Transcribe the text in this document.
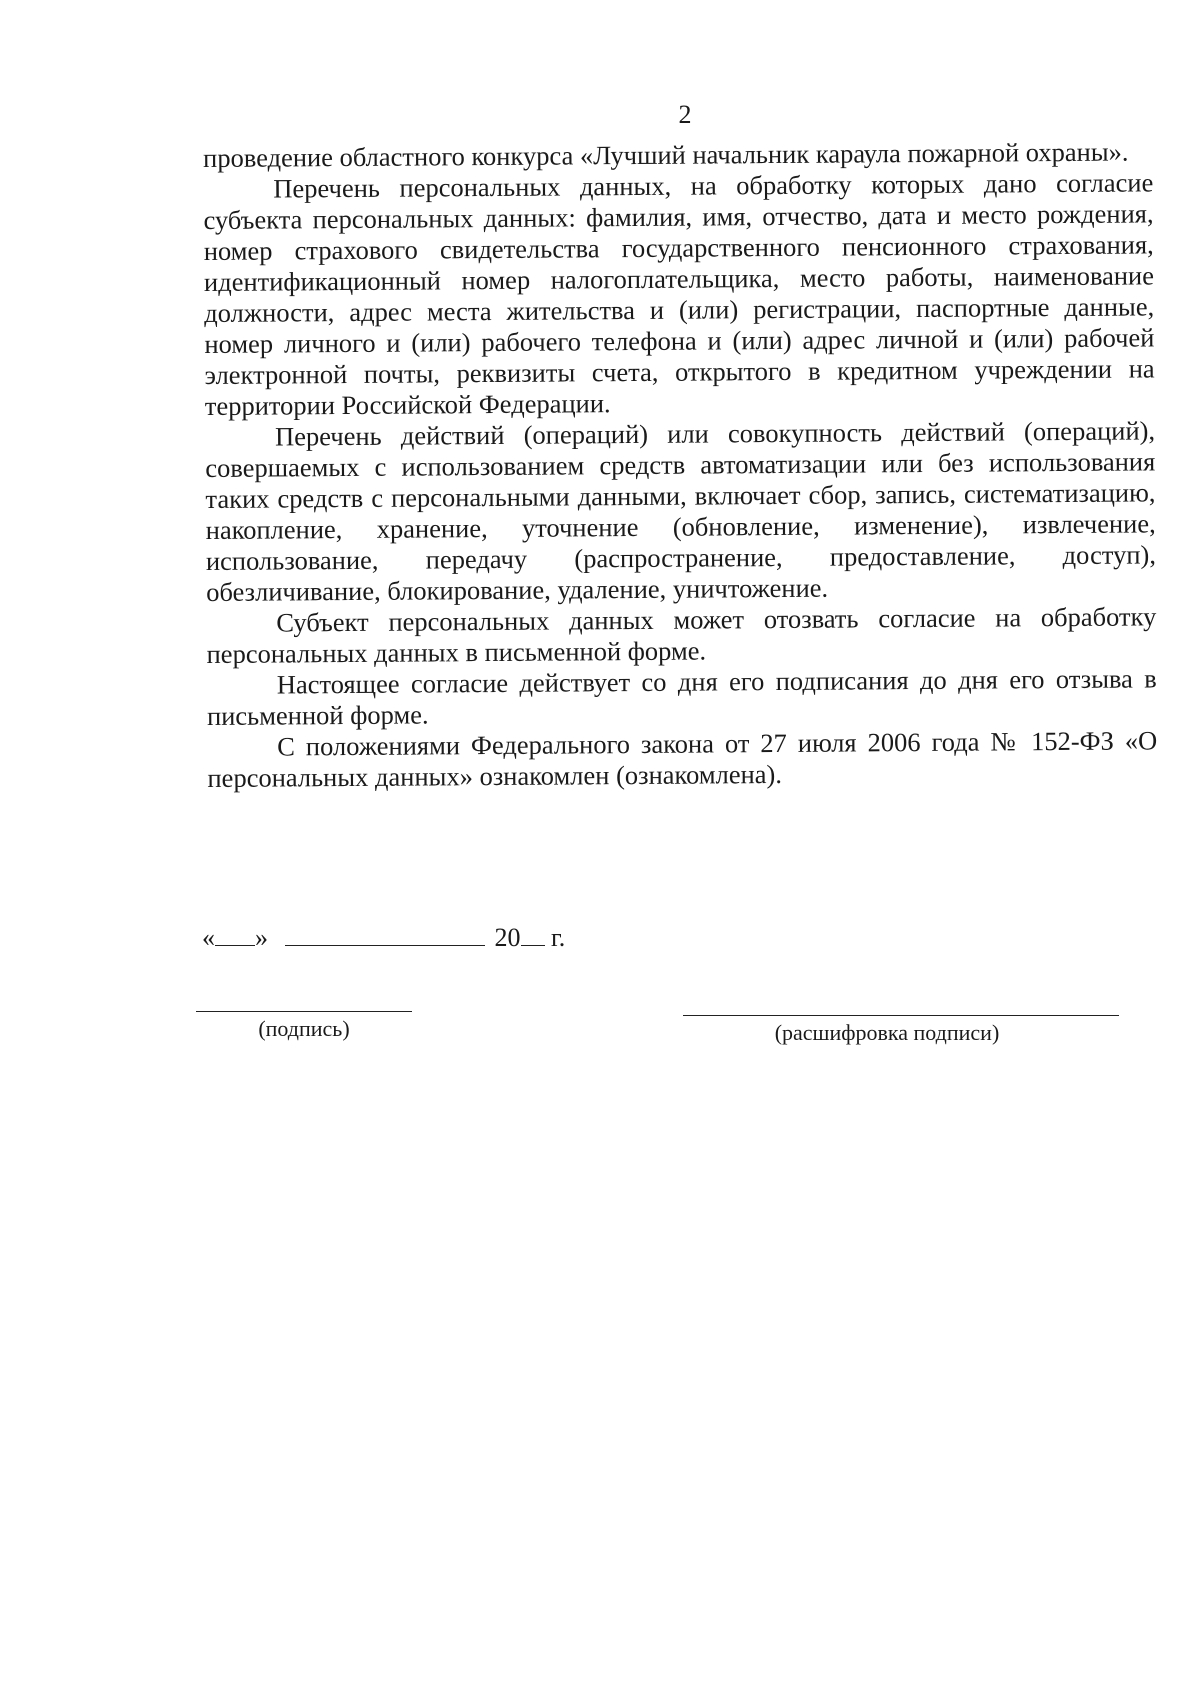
2

проведение областного конкурса «Лучший начальник караула пожарной охраны».

Перечень персональных данных, на обработку которых дано согласие субъекта персональных данных: фамилия, имя, отчество, дата и место рождения, номер страхового свидетельства государственного пенсионного страхования, идентификационный номер налогоплательщика, место работы, наименование должности, адрес места жительства и (или) регистрации, паспортные данные, номер личного и (или) рабочего телефона и (или) адрес личной и (или) рабочей электронной почты, реквизиты счета, открытого в кредитном учреждении на территории Российской Федерации.

Перечень действий (операций) или совокупность действий (операций), совершаемых с использованием средств автоматизации или без использования таких средств с персональными данными, включает сбор, запись, систематизацию, накопление, хранение, уточнение (обновление, изменение), извлечение, использование, передачу (распространение, предоставление, доступ), обезличивание, блокирование, удаление, уничтожение.

Субъект персональных данных может отозвать согласие на обработку персональных данных в письменной форме.

Настоящее согласие действует со дня его подписания до дня его отзыва в письменной форме.

С положениями Федерального закона от 27 июля 2006 года № 152-ФЗ «О персональных данных» ознакомлен (ознакомлена).

« »	20 г.
(подпись)	(расшифровка подписи)
